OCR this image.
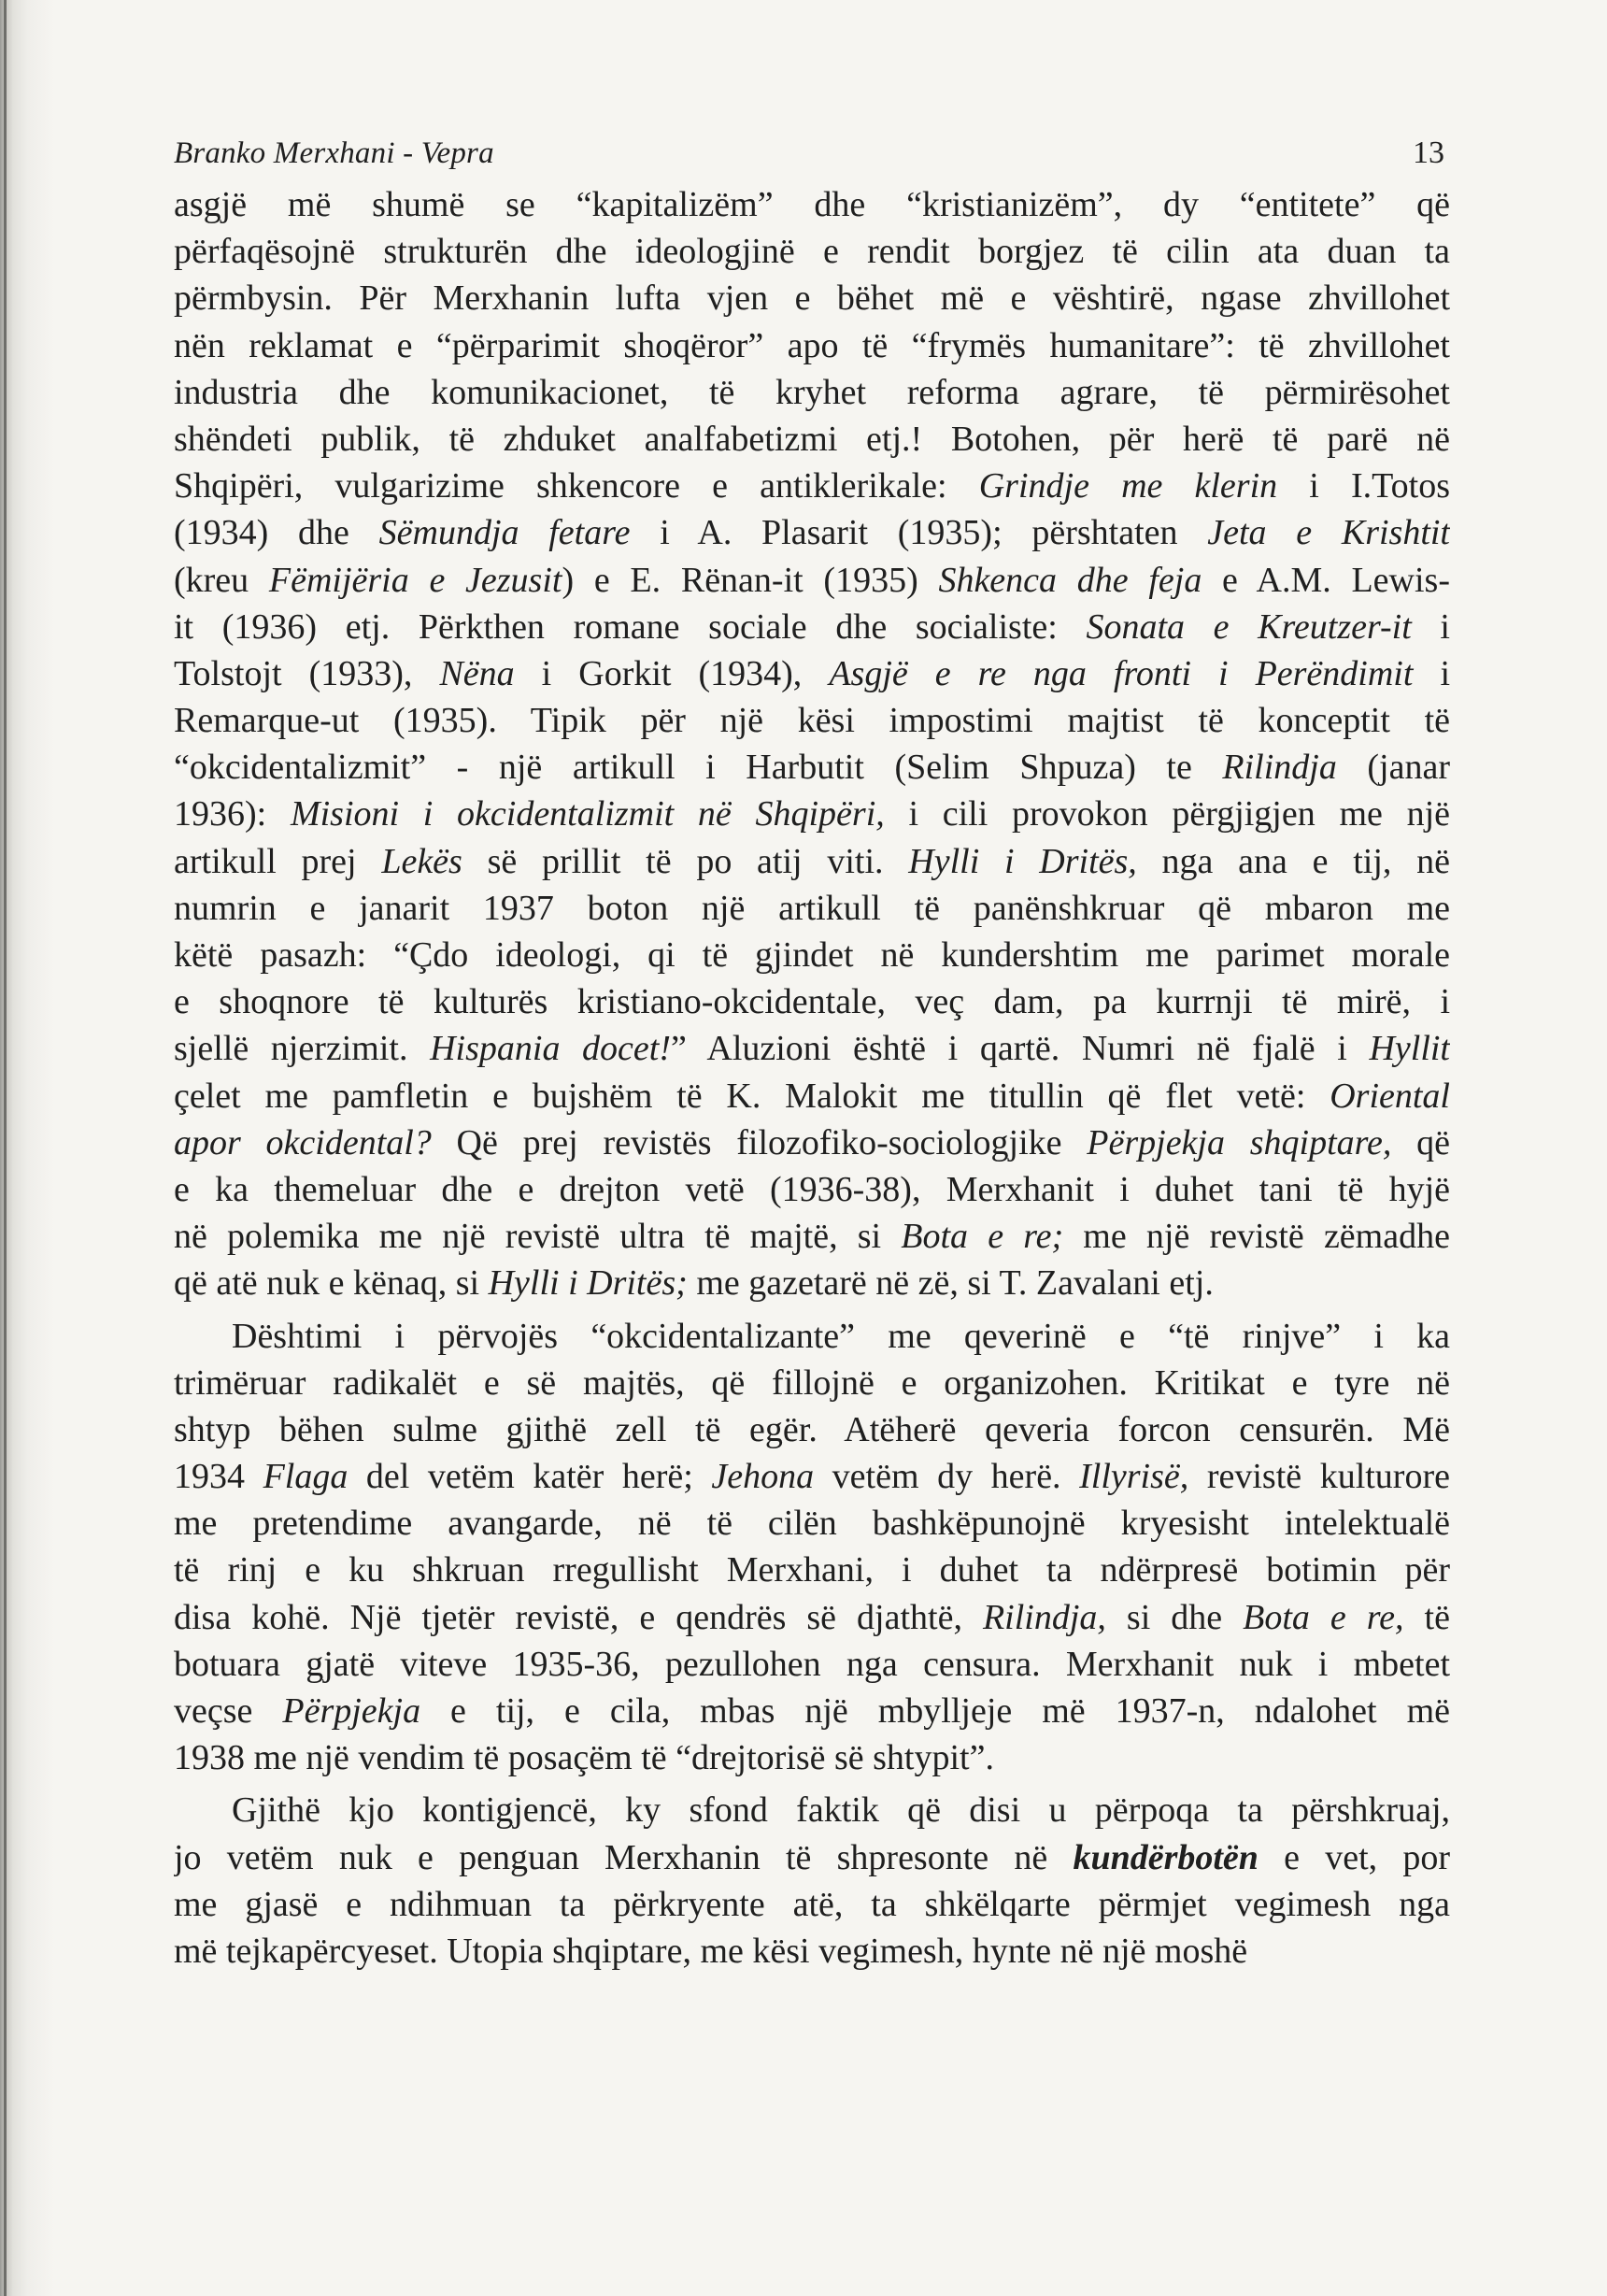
Branko Merxhani - Vepra	13
asgjë më shumë se “kapitalizëm” dhe “kristianizëm”, dy “entitete” që
përfaqësojnë strukturën dhe ideologjinë e rendit borgjez të cilin ata duan ta
përmbysin. Për Merxhanin lufta vjen e bëhet më e vështirë, ngase zhvillohet
nën reklamat e “përparimit shoqëror” apo të “frymës humanitare”: të zhvillohet
industria dhe komunikacionet, të kryhet reforma agrare, të përmirësohet
shëndeti publik, të zhduket analfabetizmi etj.! Botohen, për herë të parë në
Shqipëri, vulgarizime shkencore e antiklerikale: Grindje me klerin i I.Totos
(1934) dhe Sëmundja fetare i A. Plasarit (1935); përshtaten Jeta e Krishtit
(kreu Fëmijëria e Jezusit) e E. Rënan-it (1935) Shkenca dhe feja e A.M. Lewis-
it (1936) etj. Përkthen romane sociale dhe socialiste: Sonata e Kreutzer-it i
Tolstojt (1933), Nëna i Gorkit (1934), Asgjë e re nga fronti i Perëndimit i
Remarque-ut (1935). Tipik për një kësi impostimi majtist të konceptit të
“okcidentalizmit” - një artikull i Harbutit (Selim Shpuza) te Rilindja (janar
1936): Misioni i okcidentalizmit në Shqipëri, i cili provokon përgjigjen me një
artikull prej Lekës së prillit të po atij viti. Hylli i Dritës, nga ana e tij, në
numrin e janarit 1937 boton një artikull të panënshkruar që mbaron me
këtë pasazh: “Çdo ideologi, qi të gjindet në kundershtim me parimet morale
e shoqnore të kulturës kristiano-okcidentale, veç dam, pa kurrnji të mirë, i
sjellë njerzimit. Hispania docet!” Aluzioni është i qartë. Numri në fjalë i Hyllit
çelet me pamfletin e bujshëm të K. Malokit me titullin që flet vetë: Oriental
apor okcidental? Që prej revistës filozofiko-sociologjike Përpjekja shqiptare, që
e ka themeluar dhe e drejton vetë (1936-38), Merxhanit i duhet tani të hyjë
në polemika me një revistë ultra të majtë, si Bota e re; me një revistë zëmadhe
që atë nuk e kënaq, si Hylli i Dritës; me gazetarë në zë, si T. Zavalani etj.
Dështimi i përvojës “okcidentalizante” me qeverinë e “të rinjve” i ka
trimëruar radikalët e së majtës, që fillojnë e organizohen. Kritikat e tyre në
shtyp bëhen sulme gjithë zell të egër. Atëherë qeveria forcon censurën. Më
1934 Flaga del vetëm katër herë; Jehona vetëm dy herë. Illyrisë, revistë kulturore
me pretendime avangarde, në të cilën bashkëpunojnë kryesisht intelektualë
të rinj e ku shkruan rregullisht Merxhani, i duhet ta ndërpresë botimin për
disa kohë. Një tjetër revistë, e qendrës së djathtë, Rilindja, si dhe Bota e re, të
botuara gjatë viteve 1935-36, pezullohen nga censura. Merxhanit nuk i mbetet
veçse Përpjekja e tij, e cila, mbas një mbylljeje më 1937-n, ndalohet më
1938 me një vendim të posaçëm të “drejtorisë së shtypit”.
Gjithë kjo kontigjencë, ky sfond faktik që disi u përpoqa ta përshkruaj,
jo vetëm nuk e penguan Merxhanin të shpresonte në kundërbotën e vet, por
me gjasë e ndihmuan ta përkryente atë, ta shkëlqarte përmjet vegimesh nga
më tejkapërcyeset. Utopia shqiptare, me kësi vegimesh, hynte në një moshë
